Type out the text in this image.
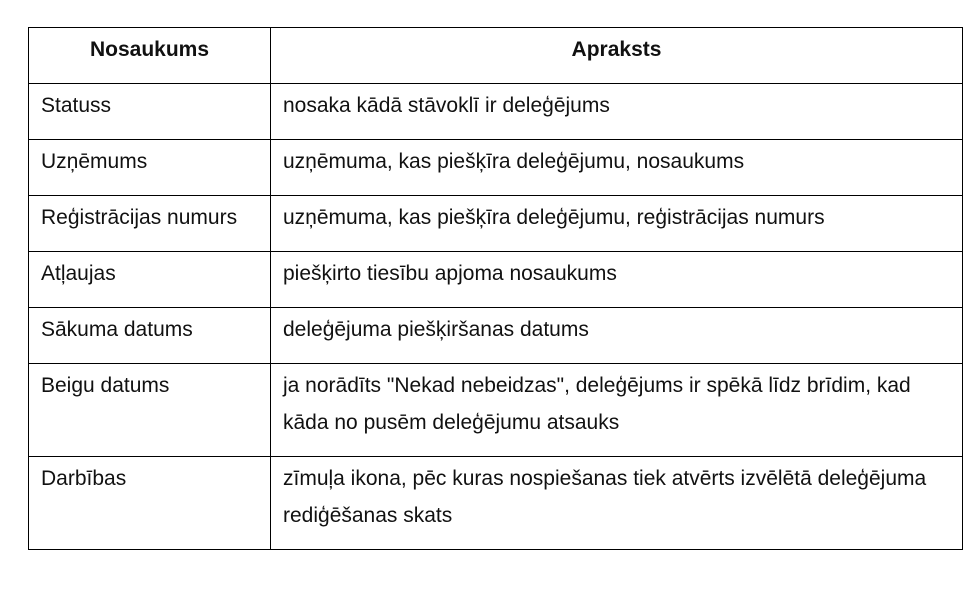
Nosaukums	Apraksts
Statuss	nosaka kādā stāvoklī ir deleģējums
Uzņēmums	uzņēmuma, kas piešķīra deleģējumu, nosaukums
Reģistrācijas numurs	uzņēmuma, kas piešķīra deleģējumu, reģistrācijas numurs
Atļaujas	piešķirto tiesību apjoma nosaukums
Sākuma datums	deleģējuma piešķiršanas datums
Beigu datums	ja norādīts "Nekad nebeidzas", deleģējums ir spēkā līdz brīdim, kad kāda no pusēm deleģējumu atsauks
Darbības	zīmuļa ikona, pēc kuras nospiešanas tiek atvērts izvēlētā deleģējuma rediģēšanas skats
